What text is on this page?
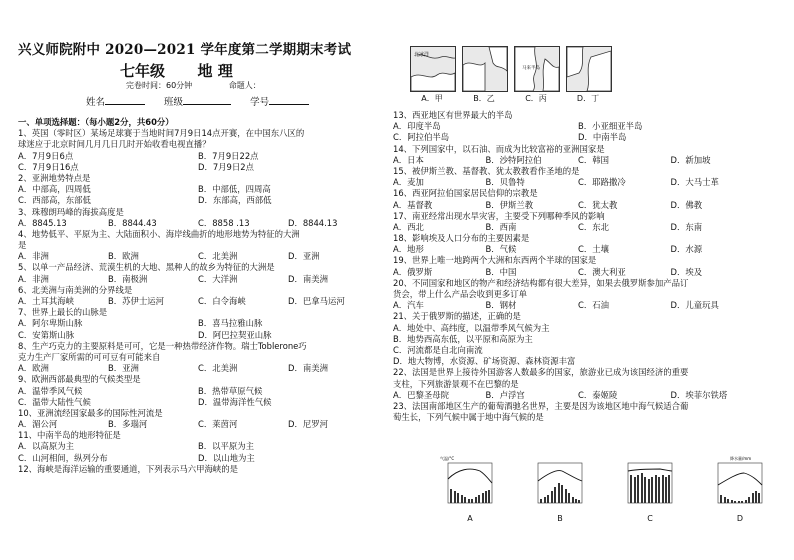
兴义师院附中 2020—2021 学年度第二学期期末考试
七年级 地 理
完卷时间：60分钟	命题人：
姓名	班级	学号
一、单项选择题：（每小题2分，共60分）
1、英国（零时区）某场足球赛于当地时间7月9日14点开赛，在中国东八区的
球迷应于北京时间几月几日几时开始收看电视直播？
A．7月9日6点	B．7月9日22点
C．7月9日16点	D．7月9日2点
2、亚洲地势特点是
A．中部高，四周低	B．中部低，四周高
C．西部高，东部低	D．东部高，西部低
3、珠穆朗玛峰的海拔高度是
A．8845.13	B．8844.43	C．8858 .13	D．8844.13
4、地势低平、平原为主、大陆面积小、海岸线曲折的地形地势为特征的大洲
是
A．非洲	B．欧洲	C．北美洲	D．亚洲
5、以单一产品经济、荒漠生机的大地、黑种人的故乡为特征的大洲是
A．非洲	B．南极洲	C．大洋洲	D．南美洲
6、北美洲与南美洲的分界线是
A．土耳其海峡	B．苏伊士运河	C．白令海峡	D．巴拿马运河
7、世界上最长的山脉是
A．阿尔卑斯山脉	B．喜马拉雅山脉
C．安第斯山脉	D．阿巴拉契亚山脉
8、生产巧克力的主要原料是可可，它是一种热带经济作物。瑞士Toblerone巧
克力生产厂家所需的可可豆有可能来自
A．欧洲	B．亚洲	C．北美洲	D．南美洲
9、欧洲西部最典型的气候类型是
A．温带季风气候	B．热带草原气候
C．温带大陆性气候	D．温带海洋性气候
10、亚洲流经国家最多的国际性河流是
A．湄公河	B．多瑙河	C．莱茵河	D．尼罗河
11、中南半岛的地形特征是
A．以高原为主	B．以平原为主
C．山河相间，纵列分布	D．以山地为主
12、海峡是海洋运输的重要通道，下列表示马六甲海峡的是
北冰洋
A．甲	B．乙
马来半岛
C．丙	D．丁
13、西亚地区有世界最大的半岛
A．印度半岛	B．小亚细亚半岛
C．阿拉伯半岛	D．中南半岛
14、下列国家中，以石油、而成为比较富裕的亚洲国家是
A．日本	B．沙特阿拉伯	C．韩国	D．新加坡
15、被伊斯兰教、基督教、犹太教教看作圣地的是
A．麦加	B．贝鲁特	C．耶路撒冷	D．大马士革
16、西亚阿拉伯国家居民信仰的宗教是
A．基督教	B．伊斯兰教	C．犹太教	D．佛教
17、南亚经常出现水旱灾害，主要受下列哪种季风的影响
A．西北	B．西南	C．东北	D．东南
18、影响埃及人口分布的主要因素是
A．地形	B．气候	C．土壤	D．水源
19、世界上唯一地跨两个大洲和东西两个半球的国家是
A．俄罗斯	B．中国	C．澳大利亚	D．埃及
20、不同国家和地区的物产和经济结构都有很大差异，如果去俄罗斯参加产品订
货会，带上什么产品会收到更多订单
A．汽车	B．钢材	C．石油	D．儿童玩具
21、关于俄罗斯的描述，正确的是
A．地处中、高纬度，以温带季风气候为主
B．地势西高东低，以平原和高原为主
C．河流都是自北向南流
D．地大物博，水资源、矿场资源、森林资源丰富
22、法国是世界上接待外国游客人数最多的国家，旅游业已成为该国经济的重要
支柱，下列旅游景观不在巴黎的是
A．巴黎圣母院	B．卢浮宫	C．泰姬陵	D．埃菲尔铁塔
23、法国南部地区生产的葡萄酒驰名世界，主要是因为该地区地中海气候适合葡
萄生长，下列气候中属于地中海气候的是
气温/°C
A	B	C
降水量/mm
D
